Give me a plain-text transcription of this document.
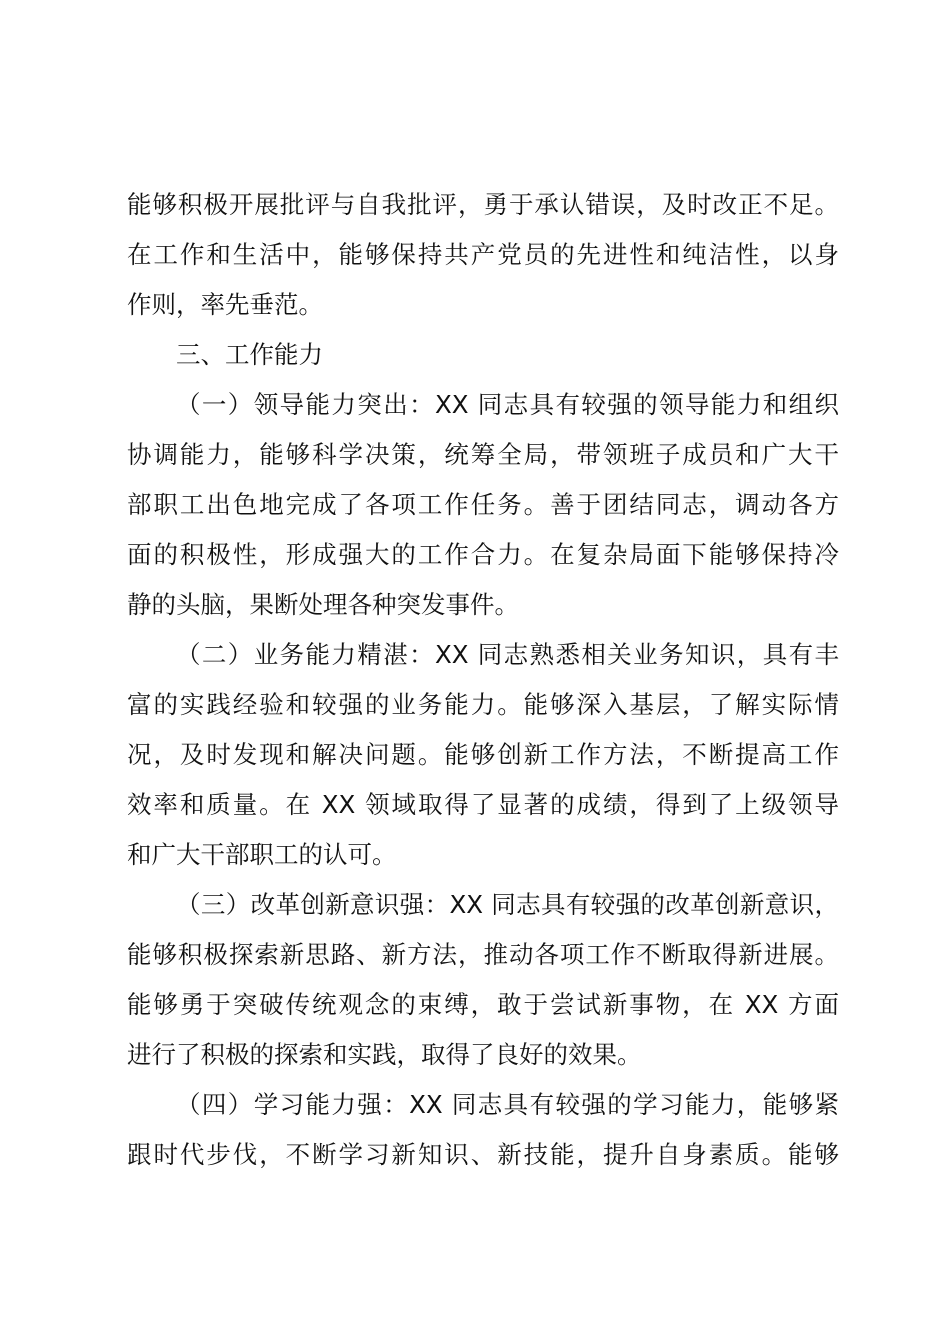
能够积极开展批评与自我批评，勇于承认错误，及时改正不足。
在工作和生活中，能够保持共产党员的先进性和纯洁性，以身
作则，率先垂范。
三、工作能力
（一）领导能力突出：XX 同志具有较强的领导能力和组织
协调能力，能够科学决策，统筹全局，带领班子成员和广大干
部职工出色地完成了各项工作任务。善于团结同志，调动各方
面的积极性，形成强大的工作合力。在复杂局面下能够保持冷
静的头脑，果断处理各种突发事件。
（二）业务能力精湛：XX 同志熟悉相关业务知识，具有丰
富的实践经验和较强的业务能力。能够深入基层，了解实际情
况，及时发现和解决问题。能够创新工作方法，不断提高工作
效率和质量。在 XX 领域取得了显著的成绩，得到了上级领导
和广大干部职工的认可。
（三）改革创新意识强：XX 同志具有较强的改革创新意识，
能够积极探索新思路、新方法，推动各项工作不断取得新进展。
能够勇于突破传统观念的束缚，敢于尝试新事物，在 XX 方面
进行了积极的探索和实践，取得了良好的效果。
（四）学习能力强：XX 同志具有较强的学习能力，能够紧
跟时代步伐，不断学习新知识、新技能，提升自身素质。能够
